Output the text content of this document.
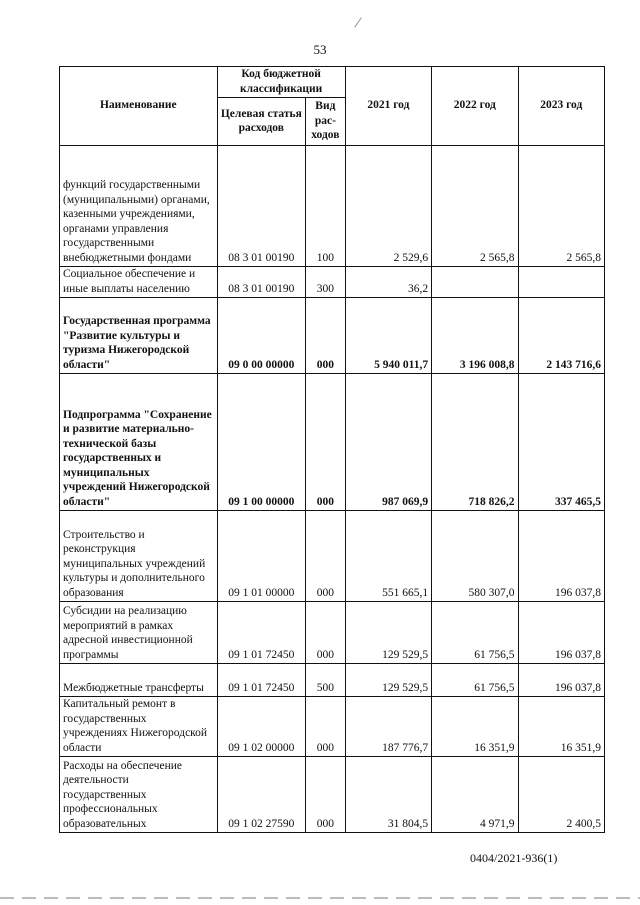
53
Наименование	Код бюджетной классификации		2021 год	2022 год	2023 год
	Целевая статья расходов	Вид рас- ходов			
функций государственными (муниципальными) органами, казенными учреждениями, органами управления государственными внебюджетными фондами	08 3 01 00190	100	2 529,6	2 565,8	2 565,8
Социальное обеспечение и иные выплаты населению	08 3 01 00190	300	36,2		
Государственная программа "Развитие культуры и туризма Нижегородской области"	09 0 00 00000	000	5 940 011,7	3 196 008,8	2 143 716,6
Подпрограмма "Сохранение и развитие материально-технической базы государственных и муниципальных учреждений Нижегородской области"	09 1 00 00000	000	987 069,9	718 826,2	337 465,5
Строительство и реконструкция муниципальных учреждений культуры и дополнительного образования	09 1 01 00000	000	551 665,1	580 307,0	196 037,8
Субсидии на реализацию мероприятий в рамках адресной инвестиционной программы	09 1 01 72450	000	129 529,5	61 756,5	196 037,8
Межбюджетные трансферты	09 1 01 72450	500	129 529,5	61 756,5	196 037,8
Капитальный ремонт в государственных учреждениях Нижегородской области	09 1 02 00000	000	187 776,7	16 351,9	16 351,9
Расходы на обеспечение деятельности государственных профессиональных образовательных	09 1 02 27590	000	31 804,5	4 971,9	2 400,5
0404/2021-936(1)
